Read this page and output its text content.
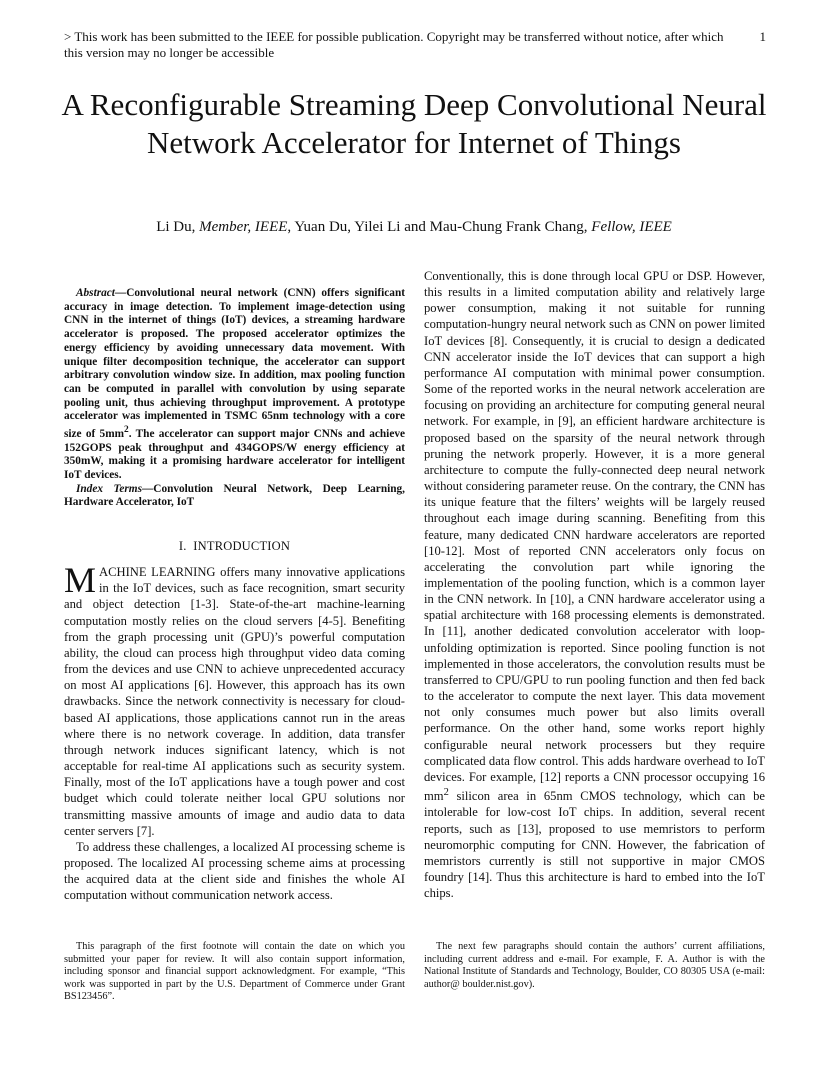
> This work has been submitted to the IEEE for possible publication. Copyright may be transferred without notice, after which this version may no longer be accessible
1
A Reconfigurable Streaming Deep Convolutional Neural Network Accelerator for Internet of Things
Li Du, Member, IEEE, Yuan Du, Yilei Li and Mau-Chung Frank Chang, Fellow, IEEE

Abstract—Convolutional neural network (CNN) offers significant accuracy in image detection. To implement image-detection using CNN in the internet of things (IoT) devices, a streaming hardware accelerator is proposed. The proposed accelerator optimizes the energy efficiency by avoiding unnecessary data movement. With unique filter decomposition technique, the accelerator can support arbitrary convolution window size. In addition, max pooling function can be computed in parallel with convolution by using separate pooling unit, thus achieving throughput improvement. A prototype accelerator was implemented in TSMC 65nm technology with a core size of $5mm^2$. The accelerator can support major CNNs and achieve 152GOPS peak throughput and 434GOPS/W energy efficiency at 350mW, making it a promising hardware accelerator for intelligent IoT devices.

Index Terms—Convolution Neural Network, Deep Learning, Hardware Accelerator, IoT

I. INTRODUCTION

MACHINE LEARNING offers many innovative applications in the IoT devices, such as face recognition, smart security and object detection [1-3]. State-of-the-art machine-learning computation mostly relies on the cloud servers [4-5]. Benefiting from the graph processing unit (GPU)’s powerful computation ability, the cloud can process high throughput video data coming from the devices and use CNN to achieve unprecedented accuracy on most AI applications [6]. However, this approach has its own drawbacks. Since the network connectivity is necessary for cloud-based AI applications, those applications cannot run in the areas where there is no network coverage. In addition, data transfer through network induces significant latency, which is not acceptable for real-time AI applications such as security system. Finally, most of the IoT applications have a tough power and cost budget which could tolerate neither local GPU solutions nor transmitting massive amounts of image and audio data to data center servers [7].

To address these challenges, a localized AI processing scheme is proposed. The localized AI processing scheme aims at processing the acquired data at the client side and finishes the whole AI computation without communication network access.

Conventionally, this is done through local GPU or DSP. However, this results in a limited computation ability and relatively large power consumption, making it not suitable for running computation-hungry neural network such as CNN on power limited IoT devices [8]. Consequently, it is crucial to design a dedicated CNN accelerator inside the IoT devices that can support a high performance AI computation with minimal power consumption. Some of the reported works in the neural network acceleration are focusing on providing an architecture for computing general neural network. For example, in [9], an efficient hardware architecture is proposed based on the sparsity of the neural network through pruning the network properly. However, it is a more general architecture to compute the fully-connected deep neural network without considering parameter reuse. On the contrary, the CNN has its unique feature that the filters’ weights will be largely reused throughout each image during scanning. Benefiting from this feature, many dedicated CNN hardware accelerators are reported [10-12]. Most of reported CNN accelerators only focus on accelerating the convolution part while ignoring the implementation of the pooling function, which is a common layer in the CNN network. In [10], a CNN hardware accelerator using a spatial architecture with 168 processing elements is demonstrated. In [11], another dedicated convolution accelerator with loop-unfolding optimization is reported. Since pooling function is not implemented in those accelerators, the convolution results must be transferred to CPU/GPU to run pooling function and then fed back to the accelerator to compute the next layer. This data movement not only consumes much power but also limits overall performance. On the other hand, some works report highly configurable neural network processers but they require complicated data flow control. This adds hardware overhead to IoT devices. For example, [12] reports a CNN processor occupying 16 $mm^2$ silicon area in 65nm CMOS technology, which can be intolerable for low-cost IoT chips. In addition, several recent reports, such as [13], proposed to use memristors to perform neuromorphic computing for CNN. However, the fabrication of memristors currently is still not supportive in major CMOS foundry [14]. Thus this architecture is hard to embed into the IoT chips.

This paragraph of the first footnote will contain the date on which you submitted your paper for review. It will also contain support information, including sponsor and financial support acknowledgment. For example, “This work was supported in part by the U.S. Department of Commerce under Grant BS123456”.
The next few paragraphs should contain the authors’ current affiliations, including current address and e-mail. For example, F. A. Author is with the National Institute of Standards and Technology, Boulder, CO 80305 USA (e-mail: author@ boulder.nist.gov).
